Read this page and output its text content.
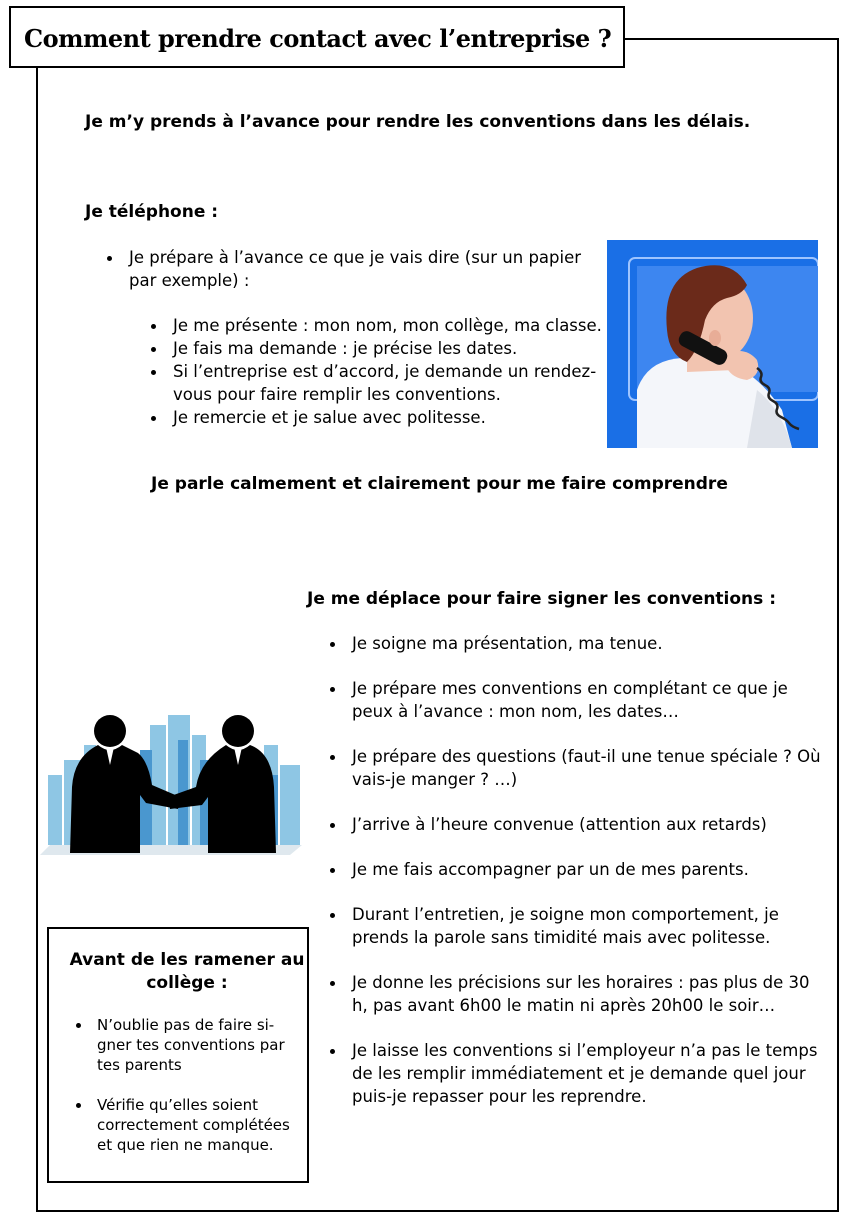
Comment prendre contact avec l’entreprise ?
Je m’y prends à l’avance pour rendre les conventions dans les délais.
Je téléphone :
Je prépare à l’avance ce que je vais dire (sur un papier par exemple) :
Je me présente : mon nom, mon collège, ma classe.
Je fais ma demande : je précise les dates.
Si l’entreprise est d’accord, je demande un rendez-vous pour faire remplir les conventions.
Je remercie et je salue avec politesse.
Je parle calmement et clairement pour me faire comprendre
Je me déplace pour faire signer les conventions :
Je soigne ma présentation, ma tenue.
Je prépare mes conventions en complétant ce que je peux à l’avance : mon nom, les dates…
Je prépare des questions (faut-il une tenue spéciale ? Où vais-je manger ? …)
J’arrive à l’heure convenue (attention aux retards)
Je me fais accompagner par un de mes parents.
Durant l’entretien, je soigne mon comportement, je prends la parole sans timidité mais avec politesse.
Je donne les précisions sur les horaires : pas plus de 30 h, pas avant 6h00 le matin ni après 20h00 le soir…
Je laisse les conventions si l’employeur n’a pas le temps de les remplir immédiatement et je demande quel jour puis-je repasser pour les reprendre.
Avant de les ramener au collège :
N’oublie pas de faire si-gner tes conventions par tes parents
Vérifie qu’elles soient correctement complétées et que rien ne manque.
